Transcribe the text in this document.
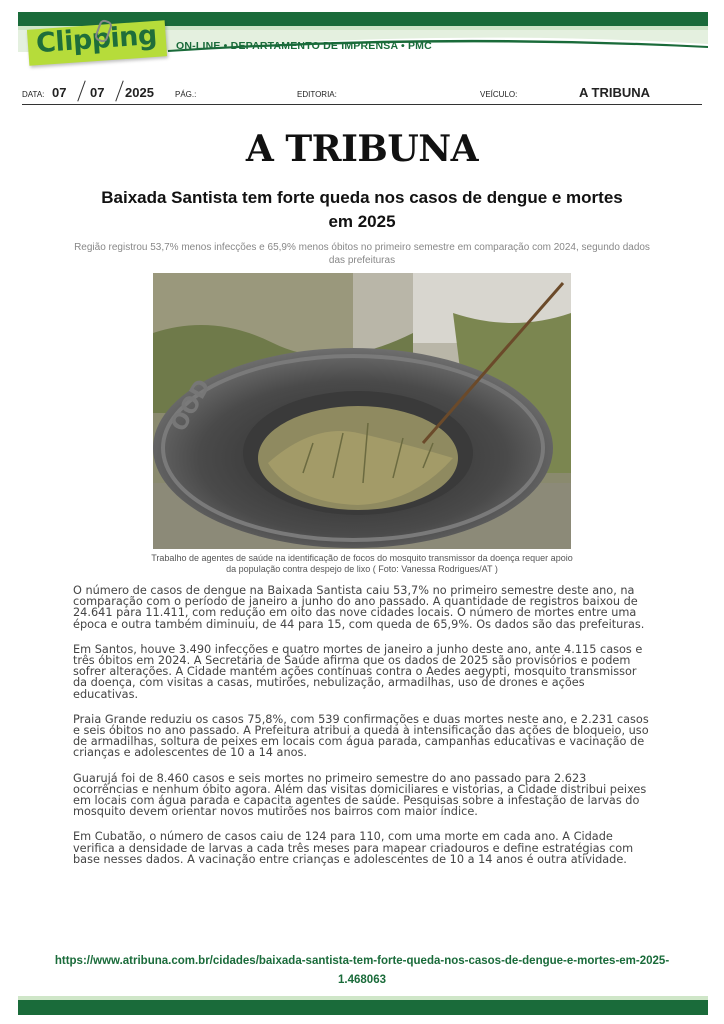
Clipping ON-LINE • DEPARTAMENTO DE IMPRENSA • PMC
DATA: 07 07 2025	PÁG.:	EDITORIA:	VEÍCULO:	A TRIBUNA
A TRIBUNA
Baixada Santista tem forte queda nos casos de dengue e mortes em 2025
Região registrou 53,7% menos infecções e 65,9% menos óbitos no primeiro semestre em comparação com 2024, segundo dados das prefeituras
OOD
Trabalho de agentes de saúde na identificação de focos do mosquito transmissor da doença requer apoio da população contra despejo de lixo ( Foto: Vanessa Rodrigues/AT )

O número de casos de dengue na Baixada Santista caiu 53,7% no primeiro semestre deste ano, na comparação com o período de janeiro a junho do ano passado. A quantidade de registros baixou de 24.641 para 11.411, com redução em oito das nove cidades locais. O número de mortes entre uma época e outra também diminuiu, de 44 para 15, com queda de 65,9%. Os dados são das prefeituras.

Em Santos, houve 3.490 infecções e quatro mortes de janeiro a junho deste ano, ante 4.115 casos e três óbitos em 2024. A Secretaria de Saúde afirma que os dados de 2025 são provisórios e podem sofrer alterações. A Cidade mantém ações contínuas contra o Aedes aegypti, mosquito transmissor da doença, com visitas a casas, mutirões, nebulização, armadilhas, uso de drones e ações educativas.

Praia Grande reduziu os casos 75,8%, com 539 confirmações e duas mortes neste ano, e 2.231 casos e seis óbitos no ano passado. A Prefeitura atribui a queda à intensificação das ações de bloqueio, uso de armadilhas, soltura de peixes em locais com água parada, campanhas educativas e vacinação de crianças e adolescentes de 10 a 14 anos.

Guarujá foi de 8.460 casos e seis mortes no primeiro semestre do ano passado para 2.623 ocorrências e nenhum óbito agora. Além das visitas domiciliares e vistorias, a Cidade distribui peixes em locais com água parada e capacita agentes de saúde. Pesquisas sobre a infestação de larvas do mosquito devem orientar novos mutirões nos bairros com maior índice.

Em Cubatão, o número de casos caiu de 124 para 110, com uma morte em cada ano. A Cidade verifica a densidade de larvas a cada três meses para mapear criadouros e define estratégias com base nesses dados. A vacinação entre crianças e adolescentes de 10 a 14 anos é outra atividade.

https://www.atribuna.com.br/cidades/baixada-santista-tem-forte-queda-nos-casos-de-dengue-e-mortes-em-2025-1.468063
